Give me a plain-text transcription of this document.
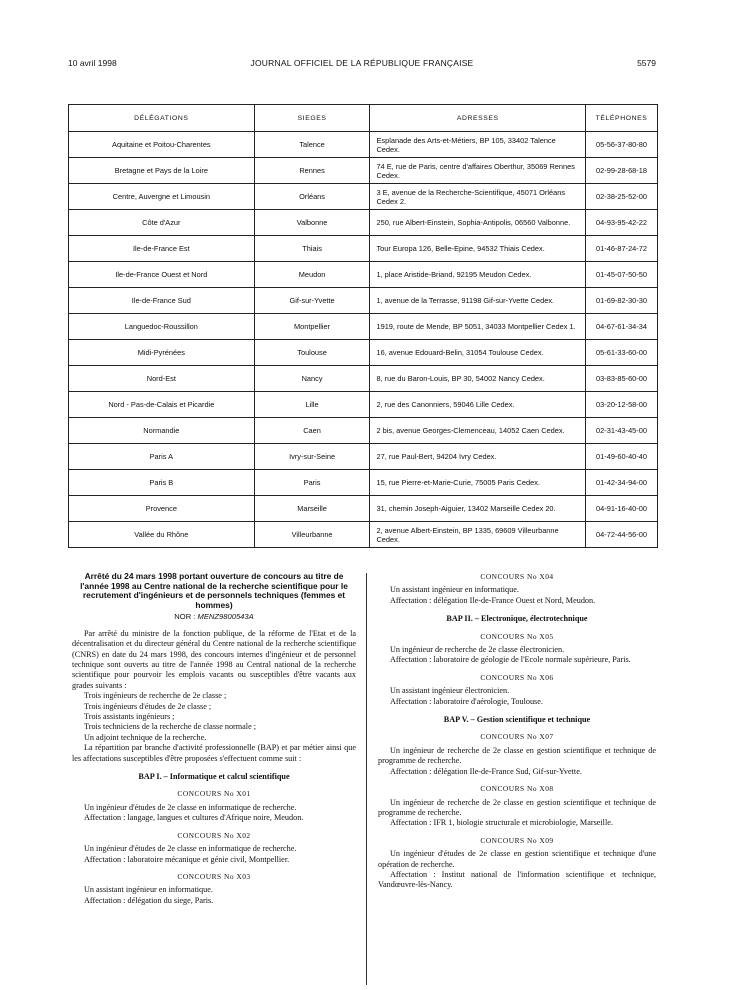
10 avril 1998	JOURNAL OFFICIEL DE LA RÉPUBLIQUE FRANÇAISE	5579
DÉLÉGATIONS	SIEGES	ADRESSES	TÉLÉPHONES
Aquitaine et Poitou-Charentes	Talence	Esplanade des Arts-et-Métiers, BP 105, 33402 Talence Cedex.	05-56-37-80-80
Bretagne et Pays de la Loire	Rennes	74 E, rue de Paris, centre d'affaires Oberthur, 35069 Rennes Cedex.	02-99-28-68-18
Centre, Auvergne et Limousin	Orléans	3 E, avenue de la Recherche-Scientifique, 45071 Orléans Cedex 2.	02-38-25-52-00
Côte d'Azur	Valbonne	250, rue Albert-Einstein, Sophia-Antipolis, 06560 Valbonne.	04-93-95-42-22
Ile-de-France Est	Thiais	Tour Europa 126, Belle-Epine, 94532 Thiais Cedex.	01-46-87-24-72
Ile-de-France Ouest et Nord	Meudon	1, place Aristide-Briand, 92195 Meudon Cedex.	01-45-07-50-50
Ile-de-France Sud	Gif-sur-Yvette	1, avenue de la Terrasse, 91198 Gif-sur-Yvette Cedex.	01-69-82-30-30
Languedoc-Roussillon	Montpellier	1919, route de Mende, BP 5051, 34033 Montpellier Cedex 1.	04-67-61-34-34
Midi-Pyrénées	Toulouse	16, avenue Edouard-Belin, 31054 Toulouse Cedex.	05-61-33-60-00
Nord-Est	Nancy	8, rue du Baron-Louis, BP 30, 54002 Nancy Cedex.	03-83-85-60-00
Nord - Pas-de-Calais et Picardie	Lille	2, rue des Canonniers, 59046 Lille Cedex.	03-20-12-58-00
Normandie	Caen	2 bis, avenue Georges-Clemenceau, 14052 Caen Cedex.	02-31-43-45-00
Paris A	Ivry-sur-Seine	27, rue Paul-Bert, 94204 Ivry Cedex.	01-49-60-40-40
Paris B	Paris	15, rue Pierre-et-Marie-Curie, 75005 Paris Cedex.	01-42-34-94-00
Provence	Marseille	31, chemin Joseph-Aiguier, 13402 Marseille Cedex 20.	04-91-16-40-00
Vallée du Rhône	Villeurbanne	2, avenue Albert-Einstein, BP 1335, 69609 Villeurbanne Cedex.	04-72-44-56-00

Arrêté du 24 mars 1998 portant ouverture de concours au titre de l'année 1998 au Centre national de la recherche scientifique pour le recrutement d'ingénieurs et de personnels techniques (femmes et hommes)

NOR : MENZ9800543A

Par arrêté du ministre de la fonction publique, de la réforme de l'Etat et de la décentralisation et du directeur général du Centre national de la recherche scientifique (CNRS) en date du 24 mars 1998, des concours internes d'ingénieur et de personnel technique sont ouverts au titre de l'année 1998 au Central national de la recherche scientifique pour pourvoir les emplois vacants ou susceptibles d'être vacants aux grades suivants :

Trois ingénieurs de recherche de 2e classe ;

Trois ingénieurs d'études de 2e classe ;

Trois assistants ingénieurs ;

Trois techniciens de la recherche de classe normale ;

Un adjoint technique de la recherche.

La répartition par branche d'activité professionnelle (BAP) et par métier ainsi que les affectations susceptibles d'être proposées s'effectuent comme suit :

BAP I. – Informatique et calcul scientifique

CONCOURS No X01

Un ingénieur d'études de 2e classe en informatique de recherche.

Affectation : langage, langues et cultures d'Afrique noire, Meudon.

CONCOURS No X02

Un ingénieur d'études de 2e classe en informatique de recherche.

Affectation : laboratoire mécanique et génie civil, Montpellier.

CONCOURS No X03

Un assistant ingénieur en informatique.

Affectation : délégation du siege, Paris.

CONCOURS No X04

Un assistant ingénieur en informatique.

Affectation : délégation Ile-de-France Ouest et Nord, Meudon.

BAP II. – Electronique, électrotechnique

CONCOURS No X05

Un ingénieur de recherche de 2e classe électronicien.

Affectation : laboratoire de géologie de l'Ecole normale supérieure, Paris.

CONCOURS No X06

Un assistant ingénieur électronicien.

Affectation : laboratoire d'aérologie, Toulouse.

BAP V. – Gestion scientifique et technique

CONCOURS No X07

Un ingénieur de recherche de 2e classe en gestion scientifique et technique de programme de recherche.

Affectation : délégation Ile-de-France Sud, Gif-sur-Yvette.

CONCOURS No X08

Un ingénieur de recherche de 2e classe en gestion scientifique et technique de programme de recherche.

Affectation : IFR 1, biologie structurale et microbiologie, Marseille.

CONCOURS No X09

Un ingénieur d'études de 2e classe en gestion scientifique et technique d'une opération de recherche.

Affectation : Institut national de l'information scientifique et technique, Vandœuvre-lès-Nancy.
